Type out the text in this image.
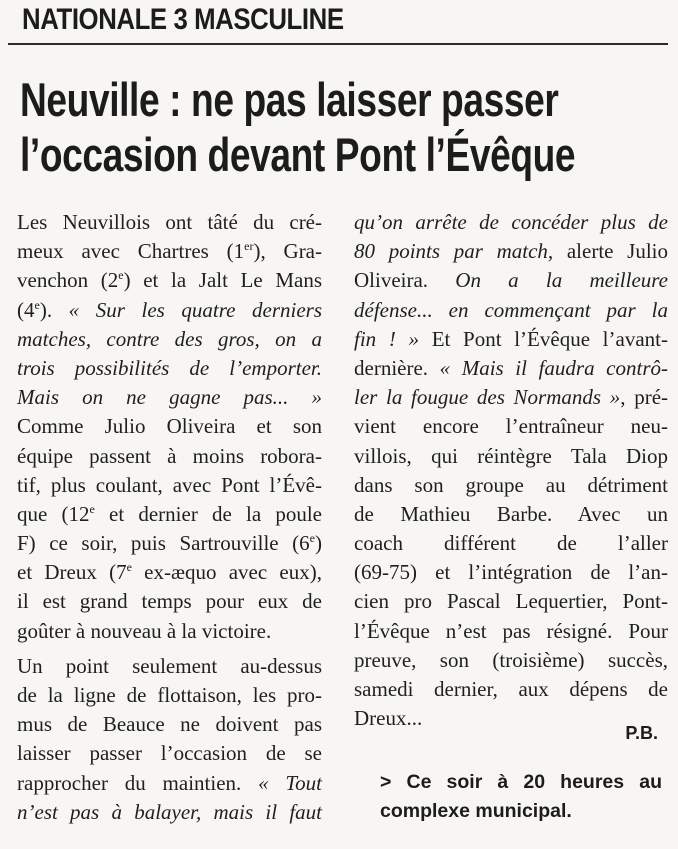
NATIONALE 3 MASCULINE
Neuville : ne pas laisser passer
l’occasion devant Pont l’Évêque
Les Neuvillois ont tâté du cré-
meux avec Chartres (1er), Gra-
venchon (2e) et la Jalt Le Mans
(4e). « Sur les quatre derniers
matches, contre des gros, on a
trois possibilités de l’emporter.
Mais on ne gagne pas... »
Comme Julio Oliveira et son
équipe passent à moins robora-
tif, plus coulant, avec Pont l’Évê-
que (12e et dernier de la poule
F) ce soir, puis Sartrouville (6e)
et Dreux (7e ex-æquo avec eux),
il est grand temps pour eux de
goûter à nouveau à la victoire.
Un point seulement au-dessus
de la ligne de flottaison, les pro-
mus de Beauce ne doivent pas
laisser passer l’occasion de se
rapprocher du maintien. « Tout
n’est pas à balayer, mais il faut
qu’on arrête de concéder plus de
80 points par match, alerte Julio
Oliveira. On a la meilleure
défense... en commençant par la
fin ! » Et Pont l’Évêque l’avant-
dernière. « Mais il faudra contrô-
ler la fougue des Normands », pré-
vient encore l’entraîneur neu-
villois, qui réintègre Tala Diop
dans son groupe au détriment
de Mathieu Barbe. Avec un
coach différent de l’aller
(69-75) et l’intégration de l’an-
cien pro Pascal Lequertier, Pont-
l’Évêque n’est pas résigné. Pour
preuve, son (troisième) succès,
samedi dernier, aux dépens de
Dreux...
P.B.
> Ce soir à 20 heures au
complexe municipal.
